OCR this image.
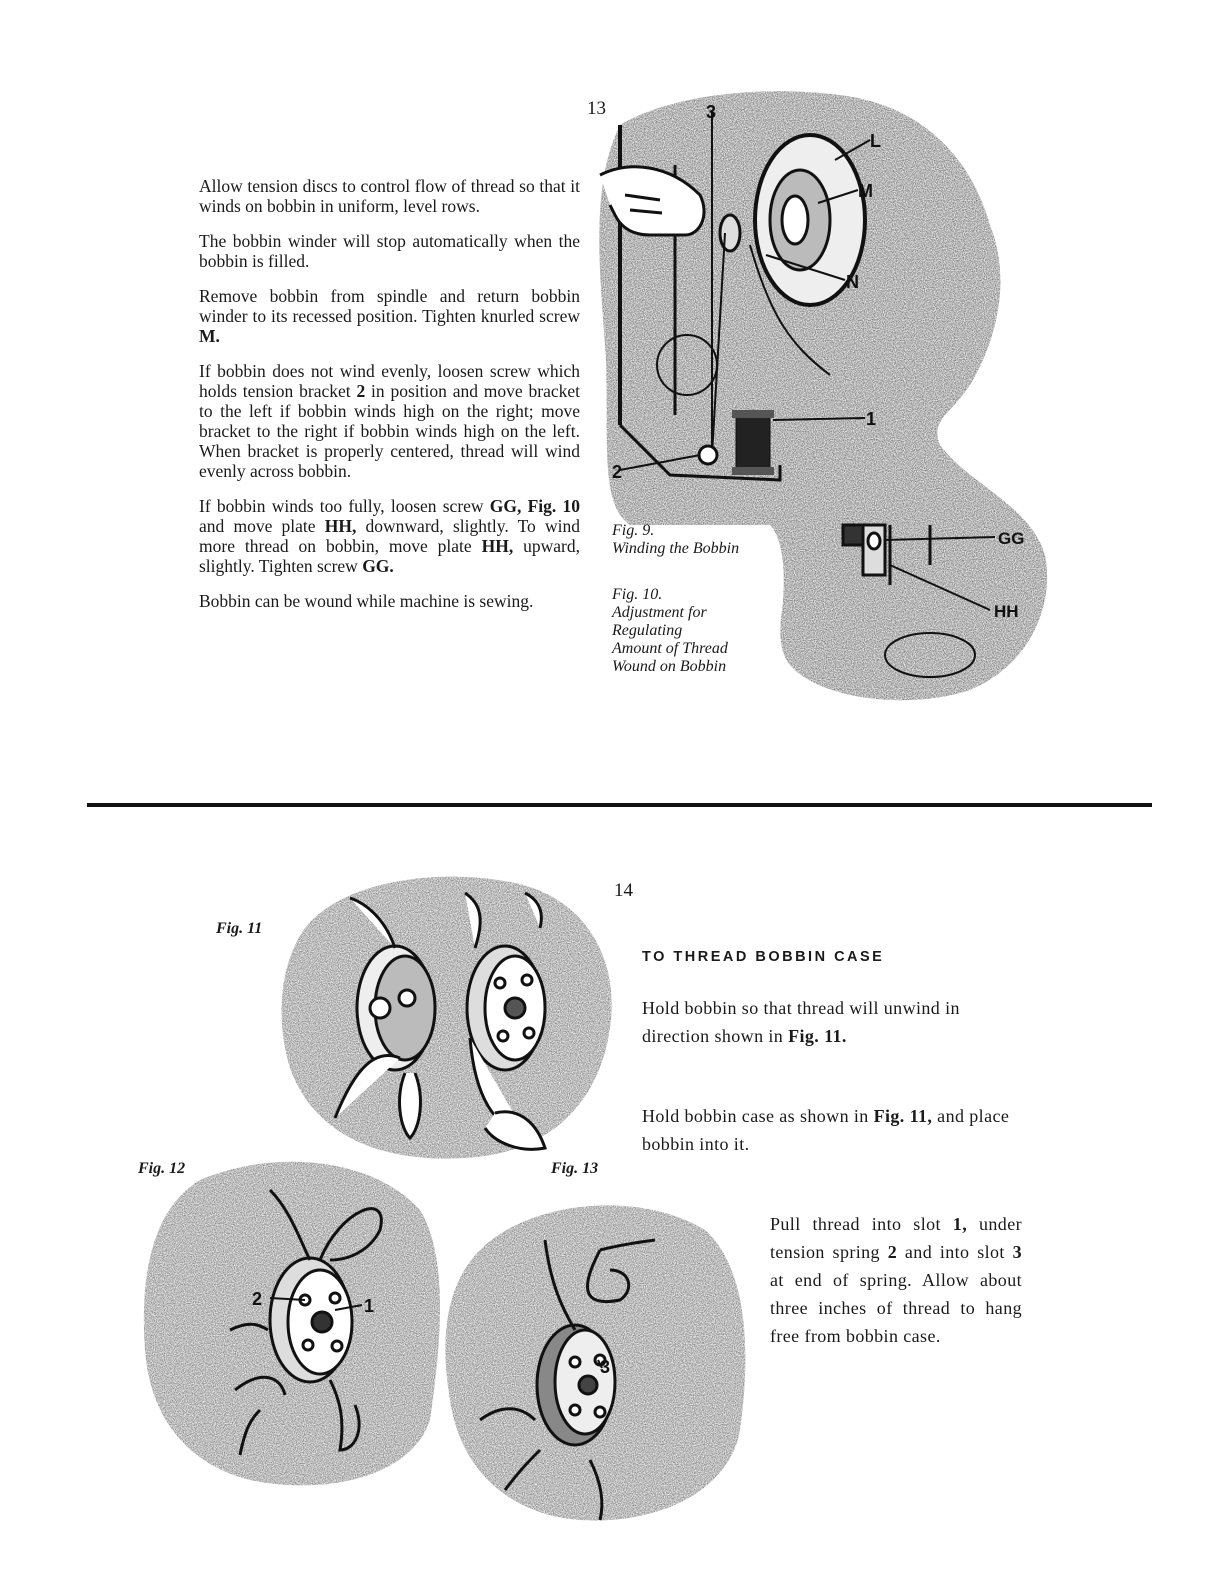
13

Allow tension discs to control flow of thread so that it winds on bobbin in uniform, level rows.

The bobbin winder will stop automatically when the bobbin is filled.

Remove bobbin from spindle and return bobbin winder to its recessed position. Tighten knurled screw M.

If bobbin does not wind evenly, loosen screw which holds tension bracket 2 in position and move bracket to the left if bobbin winds high on the right; move bracket to the right if bobbin winds high on the left. When bracket is properly centered, thread will wind evenly across bobbin.

If bobbin winds too fully, loosen screw GG, Fig. 10 and move plate HH, downward, slightly. To wind more thread on bobbin, move plate HH, upward, slightly. Tighten screw GG.

Bobbin can be wound while machine is sewing.

3
L
M
N
1
2
GG
HH
Fig. 9.
Winding the Bobbin
Fig. 10.
Adjustment for
Regulating
Amount of Thread
Wound on Bobbin
14
TO THREAD BOBBIN CASE
Hold bobbin so that thread will unwind in direction shown in Fig. 11.
Hold bobbin case as shown in Fig. 11, and place bobbin into it.
Pull thread into slot 1, under tension spring 2 and into slot 3 at end of spring. Allow about three inches of thread to hang free from bobbin case.
Fig. 11
Fig. 12	Fig. 13
2	1
3
